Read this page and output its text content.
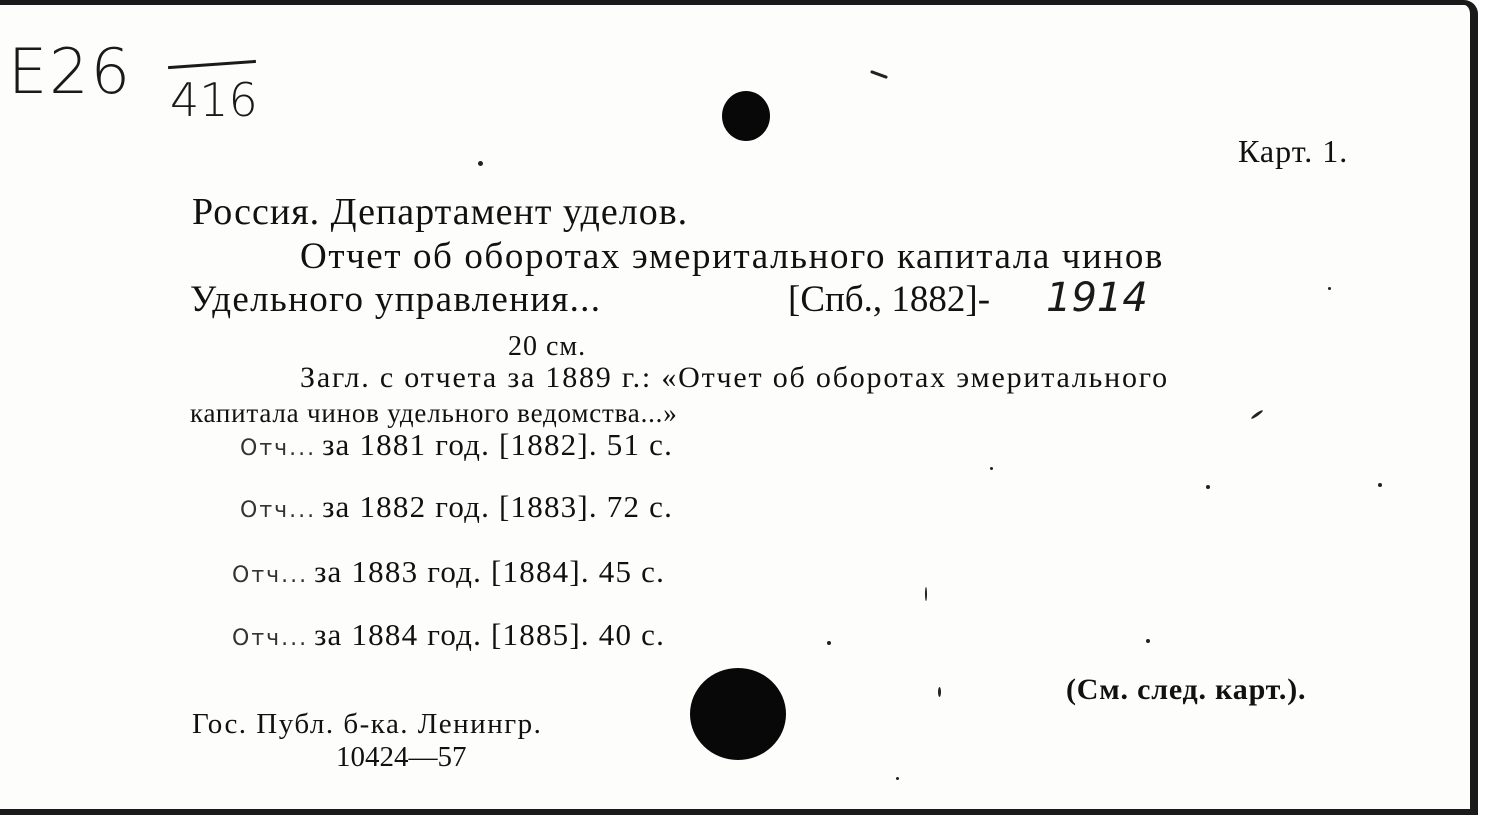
Е26 416
Карт. 1.
Россия. Департамент уделов.
Отчет об оборотах эмеритального капитала чинов
Удельного управления...	[Спб., 1882]- 1914
20 см.
Загл. с отчета за 1889 г.: «Отчет об оборотах эмеритального
капитала чинов удельного ведомства...»
Отч... за 1881 год. [1882]. 51 с.
Отч... за 1882 год. [1883]. 72 с.
Отч... за 1883 год. [1884]. 45 с.
Отч... за 1884 год. [1885]. 40 с.
(См. след. карт.).
Гос. Публ. б-ка. Ленингр.
10424—57
